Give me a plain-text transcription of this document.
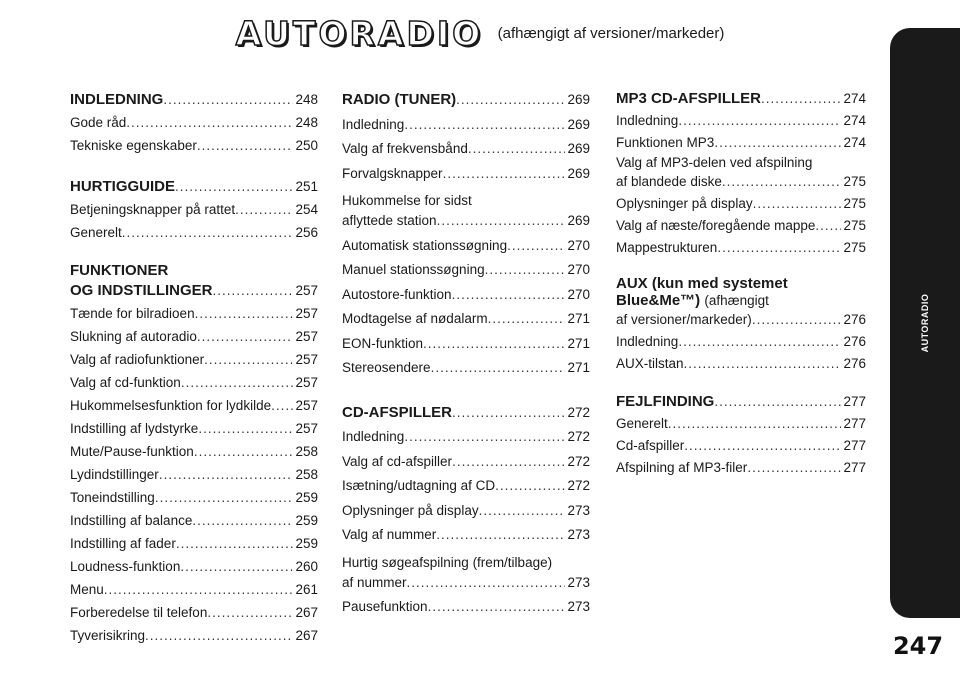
AUTORADIO (afhængigt af versioner/markeder)
AUTORADIO
INDLEDNING .....	248
Gode råd .....	248
Tekniske egenskaber .....	250
HURTIGGUIDE .....	251
Betjeningsknapper på rattet .....	254
Generelt .....	256
FUNKTIONER
OG INDSTILLINGER .....	257
Tænde for bilradioen .....	257
Slukning af autoradio .....	257
Valg af radiofunktioner .....	257
Valg af cd-funktion .....	257
Hukommelsesfunktion for lydkilde ..... 257
Indstilling af lydstyrke .....	257
Mute/Pause-funktion .....	258
Lydindstillinger .....	258
Toneindstilling .....	259
Indstilling af balance .....	259
Indstilling af fader .....	259
Loudness-funktion .....	260
Menu .....	261
Forberedelse til telefon .....	267
Tyverisikring .....	267
RADIO (TUNER) .....	269
Indledning .....	269
Valg af frekvensbånd .....	269
Forvalgsknapper .....	269
Hukommelse for sidst
aflyttede station .....	269
Automatisk stationssøgning .....	270
Manuel stationssøgning .....	270
Autostore-funktion .....	270
Modtagelse af nødalarm .....	271
EON-funktion .....	271
Stereosendere .....	271
CD-AFSPILLER .....	272
Indledning .....	272
Valg af cd-afspiller .....	272
Isætning/udtagning af CD .....	272
Oplysninger på display .....	273
Valg af nummer .....	273
Hurtig søgeafspilning (frem/tilbage)
af nummer .....	273
Pausefunktion .....	273
MP3 CD-AFSPILLER .....	274
Indledning .....	274
Funktionen MP3 .....	274
Valg af MP3-delen ved afspilning
af blandede diske .....	275
Oplysninger på display .....	275
Valg af næste/foregående mappe ..... 275
Mappestrukturen .....	275
AUX (kun med systemet
Blue&Me™) (afhængigt
af versioner/markeder) .....	276
Indledning .....	276
AUX-tilstan .....	276
FEJLFINDING .....	277
Generelt .....	277
Cd-afspiller .....	277
Afspilning af MP3-filer .....	277
247
